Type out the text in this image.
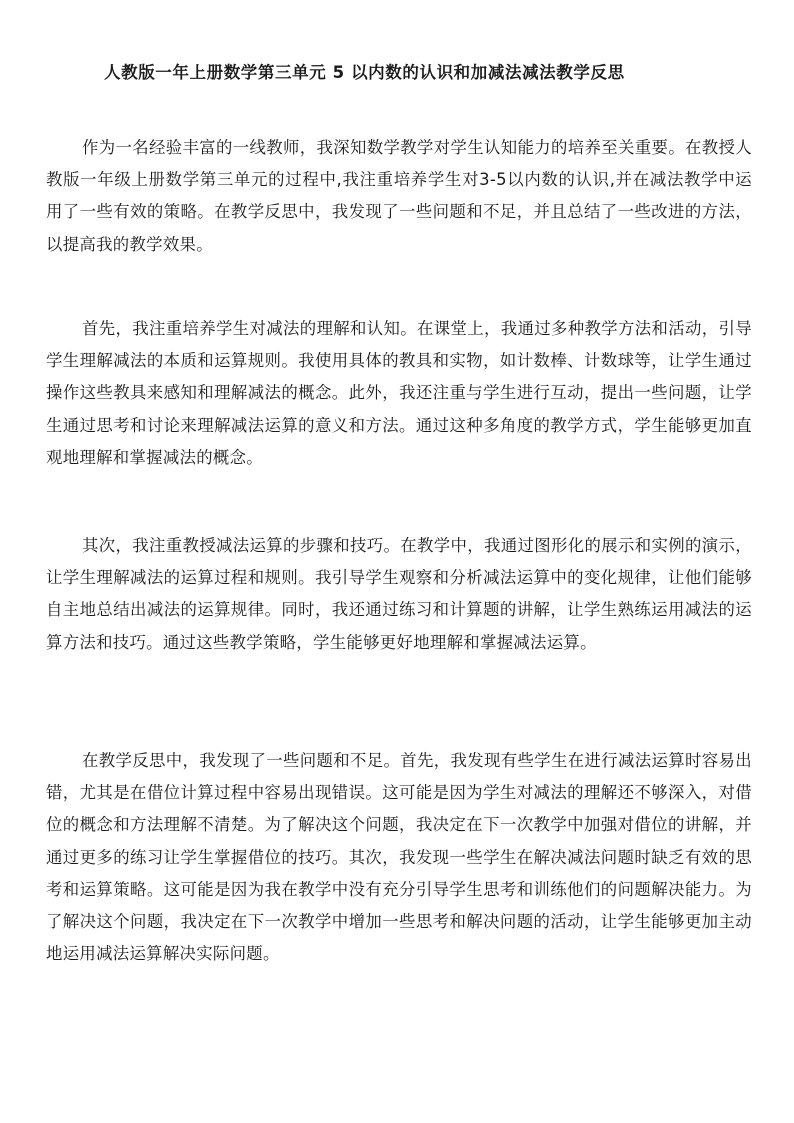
人教版一年上册数学第三单元 5 以内数的认识和加减法减法教学反思

作为一名经验丰富的一线教师，我深知数学教学对学生认知能力的培养至关重要。在教授人教版一年级上册数学第三单元的过程中,我注重培养学生对3-5以内数的认识,并在减法教学中运用了一些有效的策略。在教学反思中，我发现了一些问题和不足，并且总结了一些改进的方法，以提高我的教学效果。

首先，我注重培养学生对减法的理解和认知。在课堂上，我通过多种教学方法和活动，引导学生理解减法的本质和运算规则。我使用具体的教具和实物，如计数棒、计数球等，让学生通过操作这些教具来感知和理解减法的概念。此外，我还注重与学生进行互动，提出一些问题，让学生通过思考和讨论来理解减法运算的意义和方法。通过这种多角度的教学方式，学生能够更加直观地理解和掌握减法的概念。

其次，我注重教授减法运算的步骤和技巧。在教学中，我通过图形化的展示和实例的演示，让学生理解减法的运算过程和规则。我引导学生观察和分析减法运算中的变化规律，让他们能够自主地总结出减法的运算规律。同时，我还通过练习和计算题的讲解，让学生熟练运用减法的运算方法和技巧。通过这些教学策略，学生能够更好地理解和掌握减法运算。

在教学反思中，我发现了一些问题和不足。首先，我发现有些学生在进行减法运算时容易出错，尤其是在借位计算过程中容易出现错误。这可能是因为学生对减法的理解还不够深入，对借位的概念和方法理解不清楚。为了解决这个问题，我决定在下一次教学中加强对借位的讲解，并通过更多的练习让学生掌握借位的技巧。其次，我发现一些学生在解决减法问题时缺乏有效的思考和运算策略。这可能是因为我在教学中没有充分引导学生思考和训练他们的问题解决能力。为了解决这个问题，我决定在下一次教学中增加一些思考和解决问题的活动，让学生能够更加主动地运用减法运算解决实际问题。
